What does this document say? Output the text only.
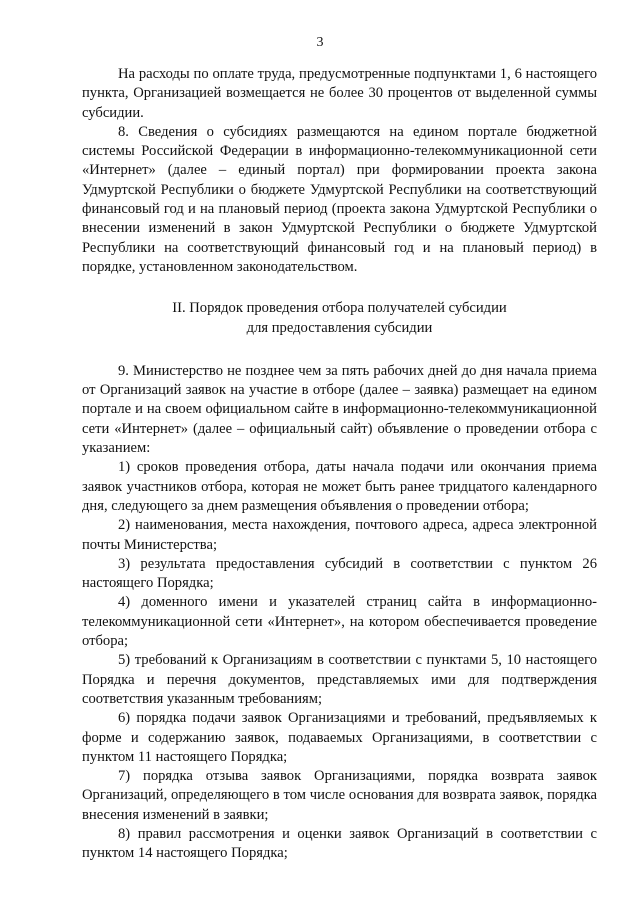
3

На расходы по оплате труда, предусмотренные подпунктами 1, 6 настоящего пункта, Организацией возмещается не более 30 процентов от выделенной суммы субсидии.

8. Сведения о субсидиях размещаются на едином портале бюджетной системы Российской Федерации в информационно-телекоммуникационной сети «Интернет» (далее – единый портал) при формировании проекта закона Удмуртской Республики о бюджете Удмуртской Республики на соответствующий финансовый год и на плановый период (проекта закона Удмуртской Республики о внесении изменений в закон Удмуртской Республики о бюджете Удмуртской Республики на соответствующий финансовый год и на плановый период) в порядке, установленном законодательством.

II. Порядок проведения отбора получателей субсидии
для предоставления субсидии

9. Министерство не позднее чем за пять рабочих дней до дня начала приема от Организаций заявок на участие в отборе (далее – заявка) размещает на едином портале и на своем официальном сайте в информационно-телекоммуникационной сети «Интернет» (далее – официальный сайт) объявление о проведении отбора с указанием:

1) сроков проведения отбора, даты начала подачи или окончания приема заявок участников отбора, которая не может быть ранее тридцатого календарного дня, следующего за днем размещения объявления о проведении отбора;

2) наименования, места нахождения, почтового адреса, адреса электронной почты Министерства;

3) результата предоставления субсидий в соответствии с пунктом 26 настоящего Порядка;

4) доменного имени и указателей страниц сайта в информационно-телекоммуникационной сети «Интернет», на котором обеспечивается проведение отбора;

5) требований к Организациям в соответствии с пунктами 5, 10 настоящего Порядка и перечня документов, представляемых ими для подтверждения соответствия указанным требованиям;

6) порядка подачи заявок Организациями и требований, предъявляемых к форме и содержанию заявок, подаваемых Организациями, в соответствии с пунктом 11 настоящего Порядка;

7) порядка отзыва заявок Организациями, порядка возврата заявок Организаций, определяющего в том числе основания для возврата заявок, порядка внесения изменений в заявки;

8) правил рассмотрения и оценки заявок Организаций в соответствии с пунктом 14 настоящего Порядка;
